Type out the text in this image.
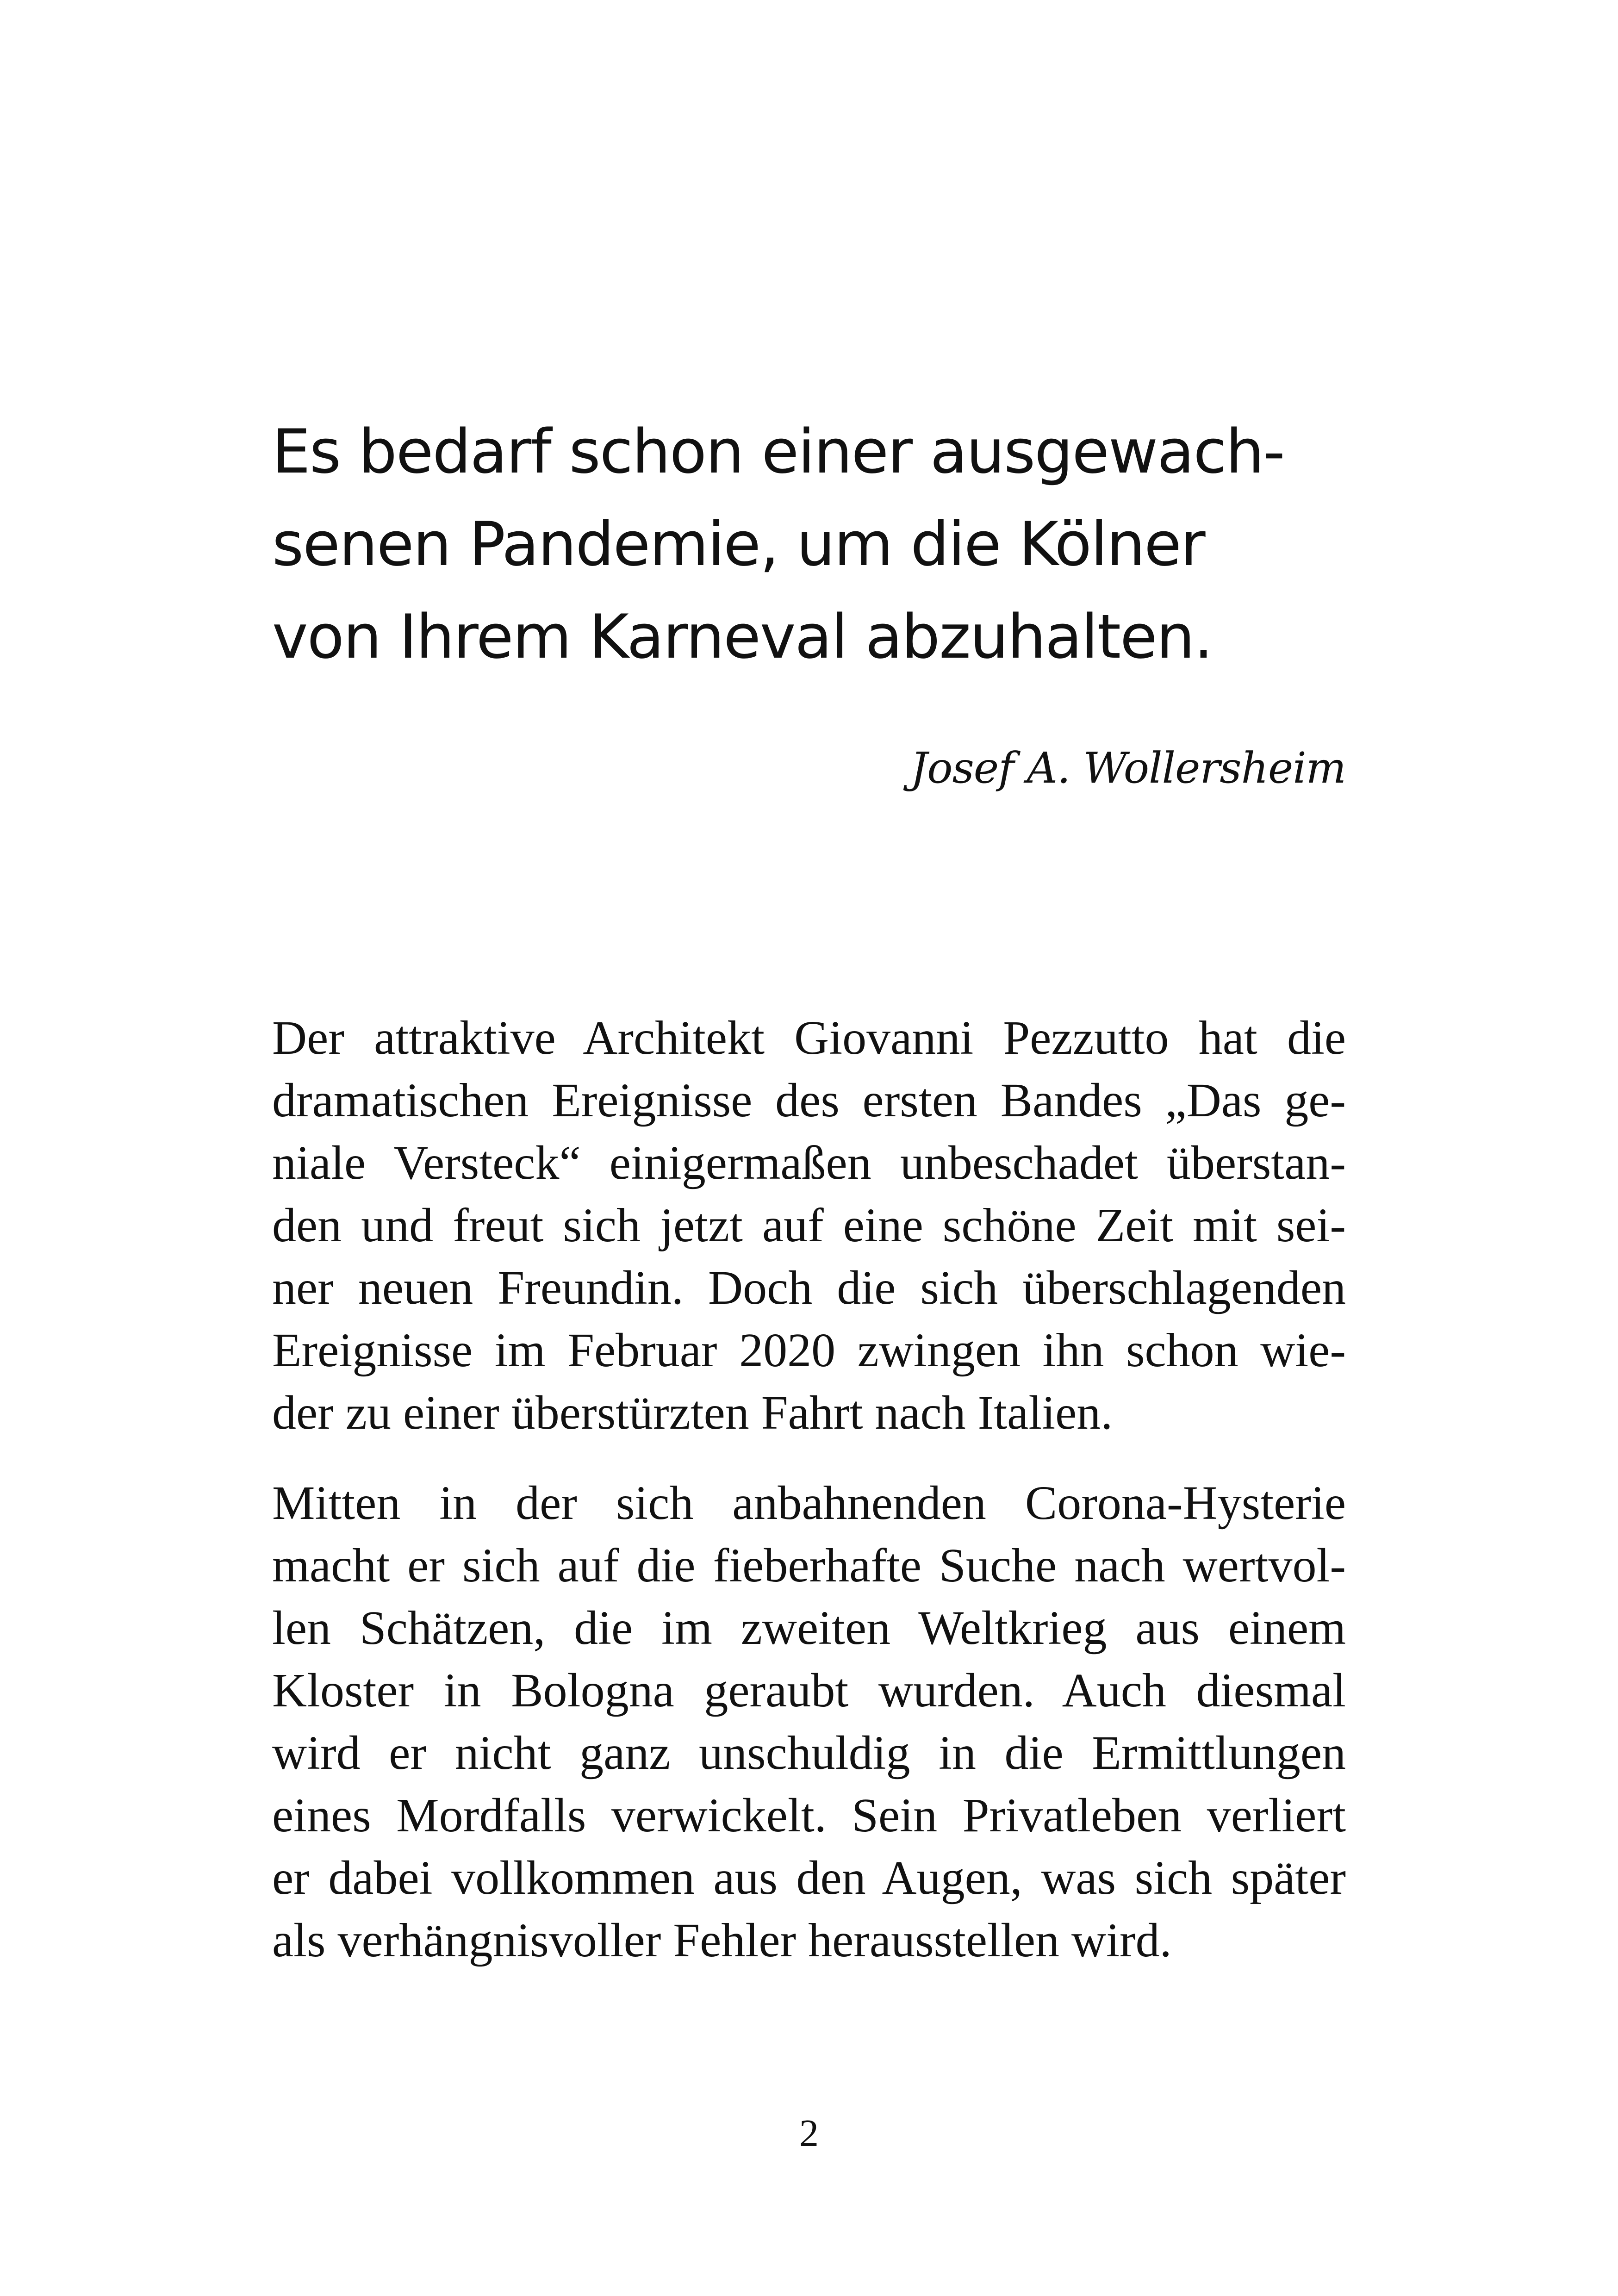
Es bedarf schon einer ausgewach-
senen Pandemie, um die Kölner
von Ihrem Karneval abzuhalten.
Josef A. Wollersheim
Der attraktive Architekt Giovanni Pezzutto hat die
dramatischen Ereignisse des ersten Bandes „Das ge-
niale Versteck“ einigermaßen unbeschadet überstan-
den und freut sich jetzt auf eine schöne Zeit mit sei-
ner neuen Freundin. Doch die sich überschlagenden
Ereignisse im Februar 2020 zwingen ihn schon wie-
der zu einer überstürzten Fahrt nach Italien.
Mitten in der sich anbahnenden Corona-Hysterie
macht er sich auf die fieberhafte Suche nach wertvol-
len Schätzen, die im zweiten Weltkrieg aus einem
Kloster in Bologna geraubt wurden. Auch diesmal
wird er nicht ganz unschuldig in die Ermittlungen
eines Mordfalls verwickelt. Sein Privatleben verliert
er dabei vollkommen aus den Augen, was sich später
als verhängnisvoller Fehler herausstellen wird.
2
